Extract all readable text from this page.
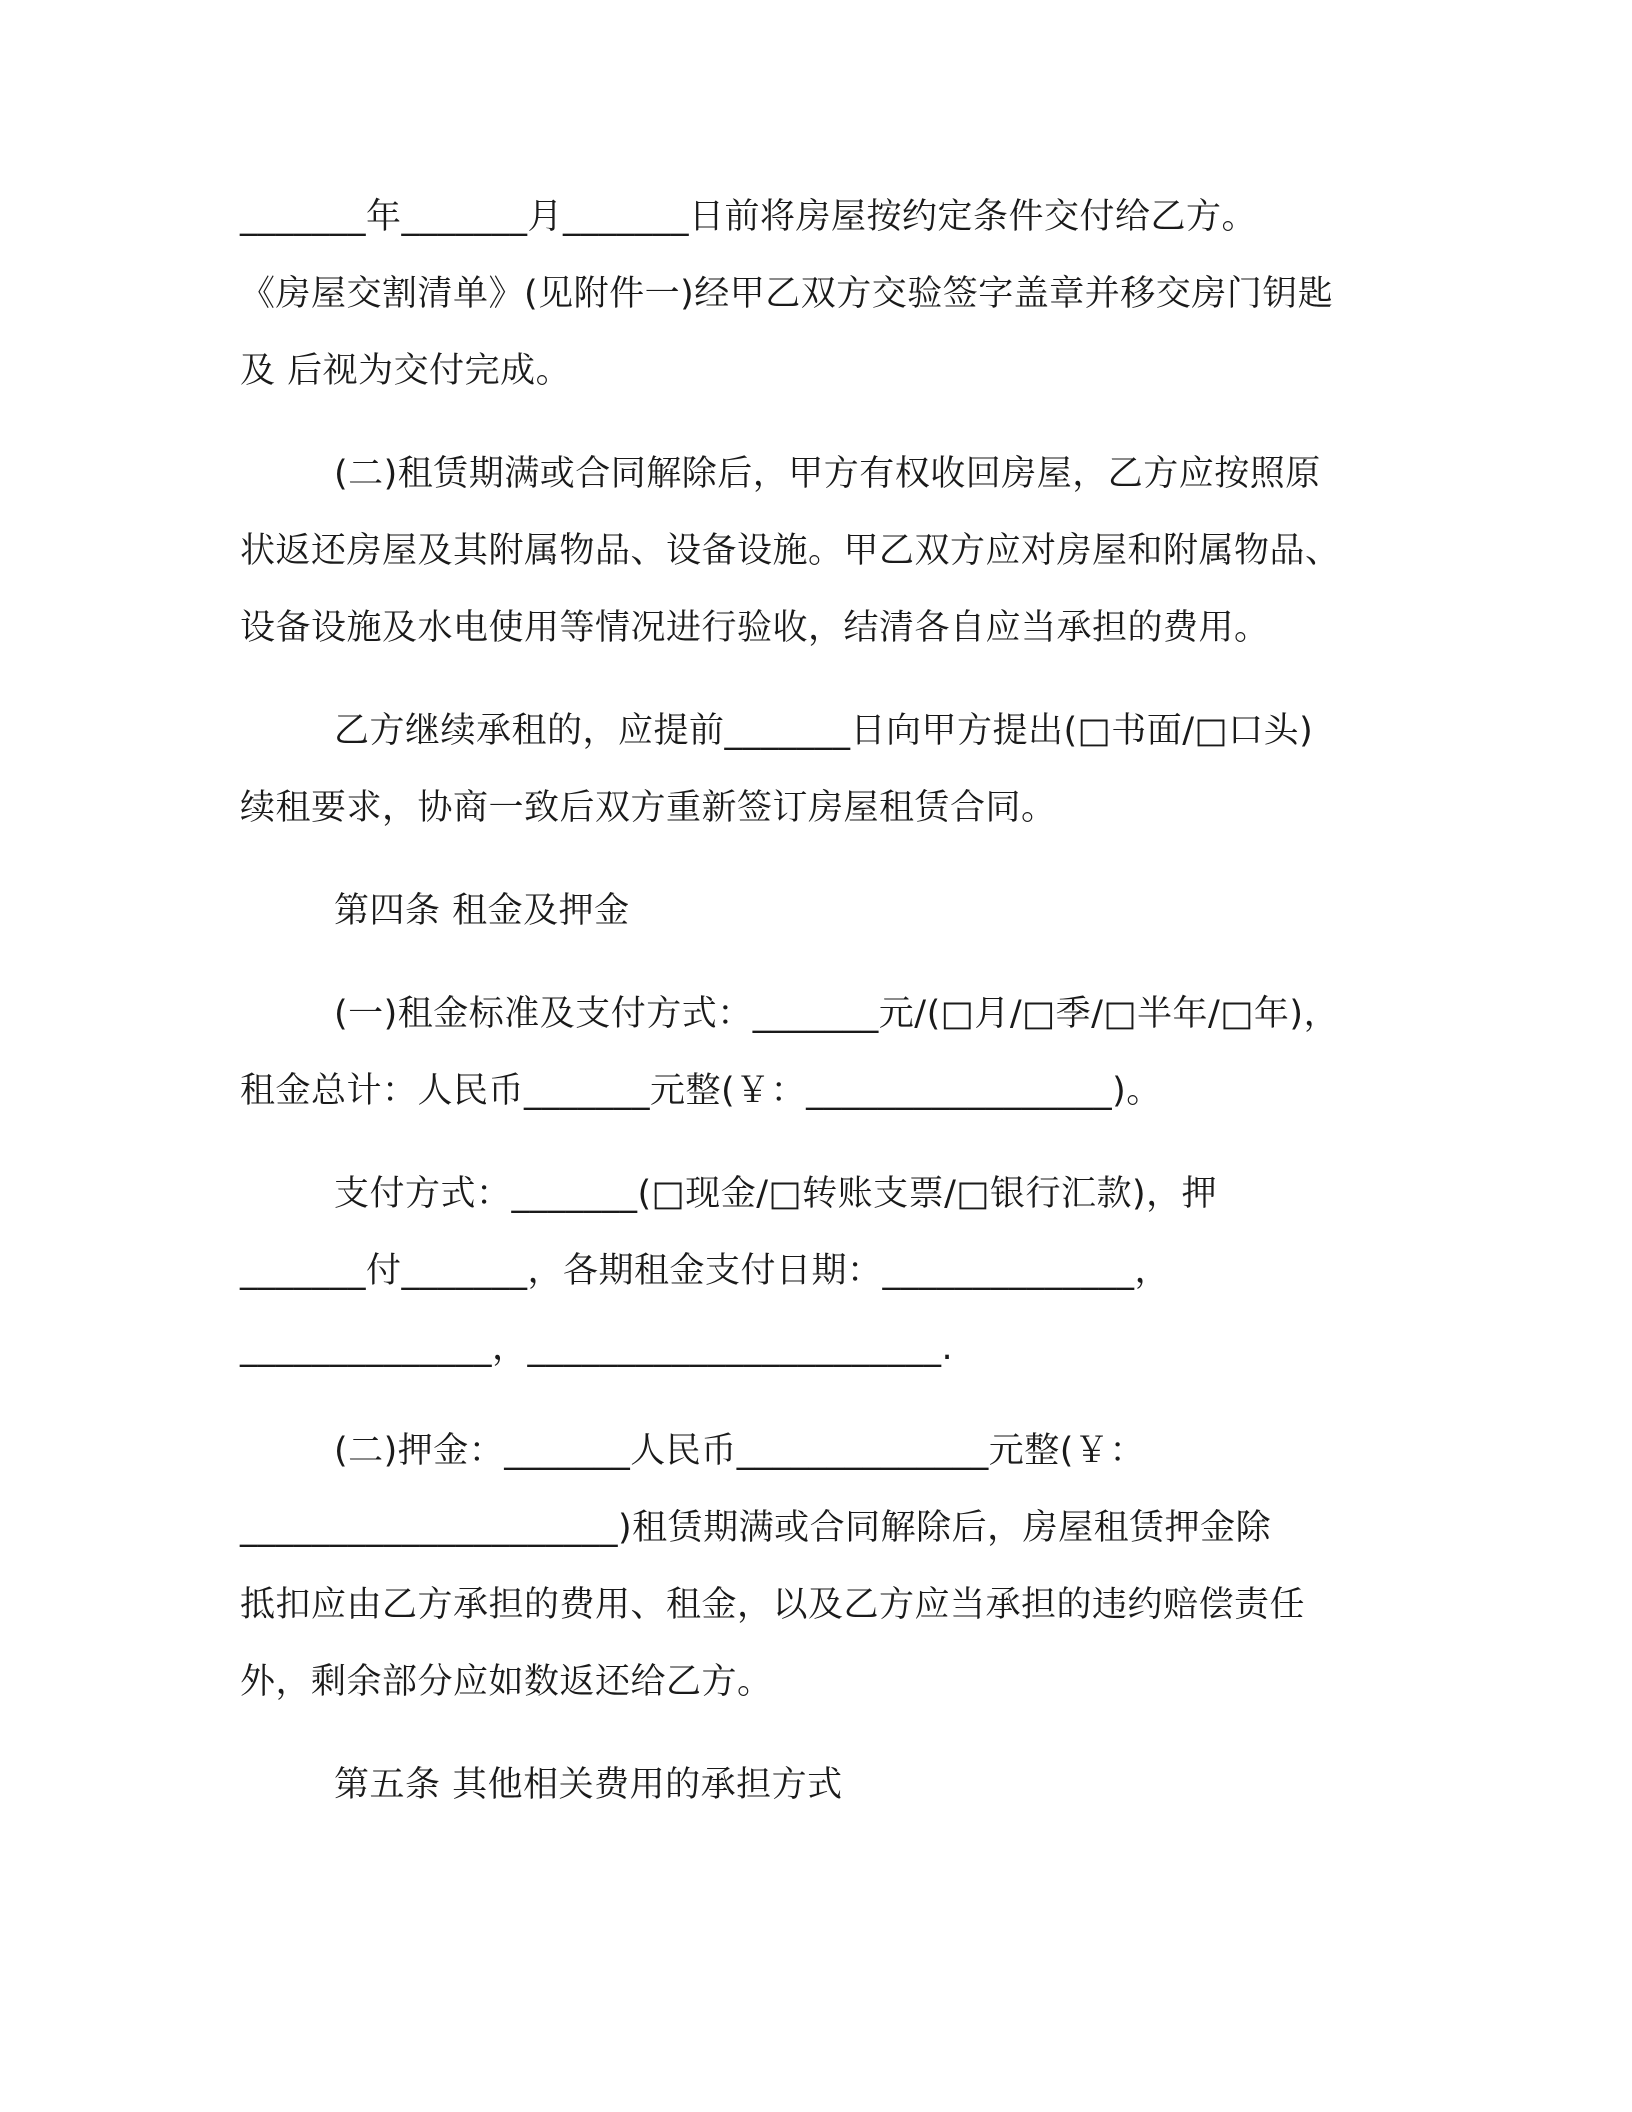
_______年_______月_______日前将房屋按约定条件交付给乙方。
《房屋交割清单》(见附件一)经甲乙双方交验签字盖章并移交房门钥匙
及 后视为交付完成。
(二)租赁期满或合同解除后，甲方有权收回房屋，乙方应按照原
状返还房屋及其附属物品、设备设施。甲乙双方应对房屋和附属物品、
设备设施及水电使用等情况进行验收，结清各自应当承担的费用。
乙方继续承租的，应提前_______日向甲方提出(□书面/□口头)
续租要求，协商一致后双方重新签订房屋租赁合同。
第四条 租金及押金
(一)租金标准及支付方式：_______元/(□月/□季/□半年/□年)，
租金总计：人民币_______元整(￥：_________________)。
支付方式：_______(□现金/□转账支票/□银行汇款)，押
_______付_______，各期租金支付日期：______________，
______________，_______________________.
(二)押金：_______人民币______________元整(￥：
_____________________)租赁期满或合同解除后，房屋租赁押金除
抵扣应由乙方承担的费用、租金，以及乙方应当承担的违约赔偿责任
外，剩余部分应如数返还给乙方。
第五条 其他相关费用的承担方式
